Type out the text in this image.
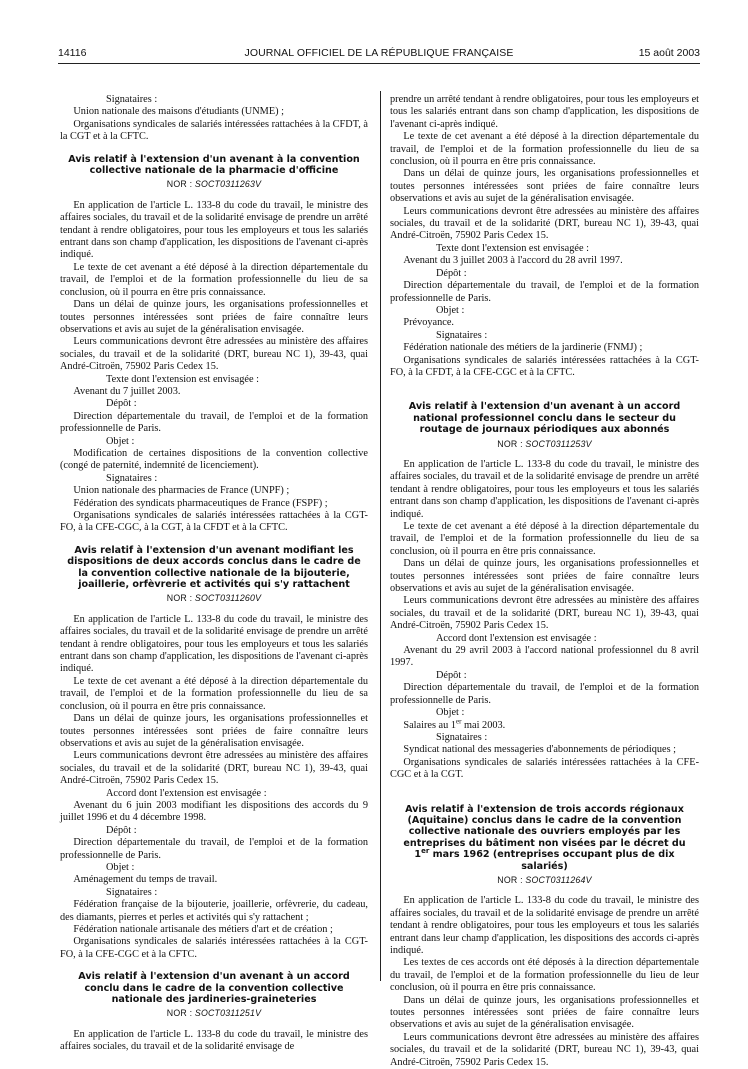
14116	JOURNAL OFFICIEL DE LA RÉPUBLIQUE FRANÇAISE	15 août 2003

Signataires :

Union nationale des maisons d'étudiants (UNME) ;

Organisations syndicales de salariés intéressées rattachées à la CFDT, à la CGT et à la CFTC.

Avis relatif à l'extension d'un avenant à la convention collective nationale de la pharmacie d'officine
NOR : SOCT0311263V

En application de l'article L. 133-8 du code du travail, le ministre des affaires sociales, du travail et de la solidarité envisage de prendre un arrêté tendant à rendre obligatoires, pour tous les employeurs et tous les salariés entrant dans son champ d'application, les dispositions de l'avenant ci-après indiqué.

Le texte de cet avenant a été déposé à la direction départementale du travail, de l'emploi et de la formation professionnelle du lieu de sa conclusion, où il pourra en être pris connaissance.

Dans un délai de quinze jours, les organisations professionnelles et toutes personnes intéressées sont priées de faire connaître leurs observations et avis au sujet de la généralisation envisagée.

Leurs communications devront être adressées au ministère des affaires sociales, du travail et de la solidarité (DRT, bureau NC 1), 39-43, quai André-Citroën, 75902 Paris Cedex 15.

Texte dont l'extension est envisagée :

Avenant du 7 juillet 2003.

Dépôt :

Direction départementale du travail, de l'emploi et de la formation professionnelle de Paris.

Objet :

Modification de certaines dispositions de la convention collective (congé de paternité, indemnité de licenciement).

Signataires :

Union nationale des pharmacies de France (UNPF) ;

Fédération des syndicats pharmaceutiques de France (FSPF) ;

Organisations syndicales de salariés intéressées rattachées à la CGT-FO, à la CFE-CGC, à la CGT, à la CFDT et à la CFTC.

Avis relatif à l'extension d'un avenant modifiant les dispositions de deux accords conclus dans le cadre de la convention collective nationale de la bijouterie, joaillerie, orfèvrerie et activités qui s'y rattachent
NOR : SOCT0311260V

En application de l'article L. 133-8 du code du travail, le ministre des affaires sociales, du travail et de la solidarité envisage de prendre un arrêté tendant à rendre obligatoires, pour tous les employeurs et tous les salariés entrant dans son champ d'application, les dispositions de l'avenant ci-après indiqué.

Le texte de cet avenant a été déposé à la direction départementale du travail, de l'emploi et de la formation professionnelle du lieu de sa conclusion, où il pourra en être pris connaissance.

Dans un délai de quinze jours, les organisations professionnelles et toutes personnes intéressées sont priées de faire connaître leurs observations et avis au sujet de la généralisation envisagée.

Leurs communications devront être adressées au ministère des affaires sociales, du travail et de la solidarité (DRT, bureau NC 1), 39-43, quai André-Citroën, 75902 Paris Cedex 15.

Accord dont l'extension est envisagée :

Avenant du 6 juin 2003 modifiant les dispositions des accords du 9 juillet 1996 et du 4 décembre 1998.

Dépôt :

Direction départementale du travail, de l'emploi et de la formation professionnelle de Paris.

Objet :

Aménagement du temps de travail.

Signataires :

Fédération française de la bijouterie, joaillerie, orfèvrerie, du cadeau, des diamants, pierres et perles et activités qui s'y rattachent ;

Fédération nationale artisanale des métiers d'art et de création ;

Organisations syndicales de salariés intéressées rattachées à la CGT-FO, à la CFE-CGC et à la CFTC.

Avis relatif à l'extension d'un avenant à un accord conclu dans le cadre de la convention collective nationale des jardineries-graineteries
NOR : SOCT0311251V

En application de l'article L. 133-8 du code du travail, le ministre des affaires sociales, du travail et de la solidarité envisage de

prendre un arrêté tendant à rendre obligatoires, pour tous les employeurs et tous les salariés entrant dans son champ d'application, les dispositions de l'avenant ci-après indiqué.

Le texte de cet avenant a été déposé à la direction départementale du travail, de l'emploi et de la formation professionnelle du lieu de sa conclusion, où il pourra en être pris connaissance.

Dans un délai de quinze jours, les organisations professionnelles et toutes personnes intéressées sont priées de faire connaître leurs observations et avis au sujet de la généralisation envisagée.

Leurs communications devront être adressées au ministère des affaires sociales, du travail et de la solidarité (DRT, bureau NC 1), 39-43, quai André-Citroën, 75902 Paris Cedex 15.

Texte dont l'extension est envisagée :

Avenant du 3 juillet 2003 à l'accord du 28 avril 1997.

Dépôt :

Direction départementale du travail, de l'emploi et de la formation professionnelle de Paris.

Objet :

Prévoyance.

Signataires :

Fédération nationale des métiers de la jardinerie (FNMJ) ;

Organisations syndicales de salariés intéressées rattachées à la CGT-FO, à la CFDT, à la CFE-CGC et à la CFTC.

Avis relatif à l'extension d'un avenant à un accord national professionnel conclu dans le secteur du routage de journaux périodiques aux abonnés
NOR : SOCT0311253V

En application de l'article L. 133-8 du code du travail, le ministre des affaires sociales, du travail et de la solidarité envisage de prendre un arrêté tendant à rendre obligatoires, pour tous les employeurs et tous les salariés entrant dans son champ d'application, les dispositions de l'avenant ci-après indiqué.

Le texte de cet avenant a été déposé à la direction départementale du travail, de l'emploi et de la formation professionnelle du lieu de sa conclusion, où il pourra en être pris connaissance.

Dans un délai de quinze jours, les organisations professionnelles et toutes personnes intéressées sont priées de faire connaître leurs observations et avis au sujet de la généralisation envisagée.

Leurs communications devront être adressées au ministère des affaires sociales, du travail et de la solidarité (DRT, bureau NC 1), 39-43, quai André-Citroën, 75902 Paris Cedex 15.

Accord dont l'extension est envisagée :

Avenant du 29 avril 2003 à l'accord national professionnel du 8 avril 1997.

Dépôt :

Direction départementale du travail, de l'emploi et de la formation professionnelle de Paris.

Objet :

Salaires au 1er mai 2003.

Signataires :

Syndicat national des messageries d'abonnements de périodiques ;

Organisations syndicales de salariés intéressées rattachées à la CFE-CGC et à la CGT.

Avis relatif à l'extension de trois accords régionaux (Aquitaine) conclus dans le cadre de la convention collective nationale des ouvriers employés par les entreprises du bâtiment non visées par le décret du 1er mars 1962 (entreprises occupant plus de dix salariés)
NOR : SOCT0311264V

En application de l'article L. 133-8 du code du travail, le ministre des affaires sociales, du travail et de la solidarité envisage de prendre un arrêté tendant à rendre obligatoires, pour tous les employeurs et tous les salariés entrant dans leur champ d'application, les dispositions des accords ci-après indiqué.

Les textes de ces accords ont été déposés à la direction départementale du travail, de l'emploi et de la formation professionnelle du lieu de leur conclusion, où il pourra en être pris connaissance.

Dans un délai de quinze jours, les organisations professionnelles et toutes personnes intéressées sont priées de faire connaître leurs observations et avis au sujet de la généralisation envisagée.

Leurs communications devront être adressées au ministère des affaires sociales, du travail et de la solidarité (DRT, bureau NC 1), 39-43, quai André-Citroën, 75902 Paris Cedex 15.
